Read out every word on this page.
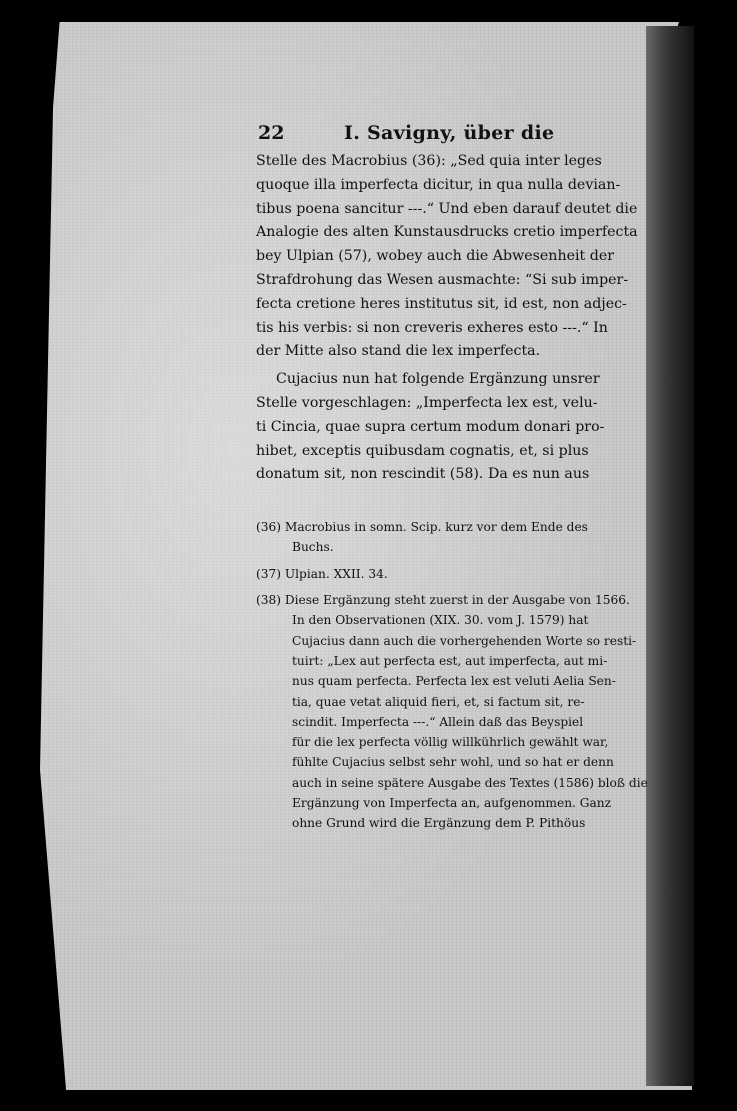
22	I. Savigny, über die
Stelle des Macrobius (36): „Sed quia inter leges
quoque illa imperfecta dicitur, in qua nulla devian-
tibus poena sancitur ---.“ Und eben darauf deutet die
Analogie des alten Kunstausdrucks cretio imperfecta
bey Ulpian (57), wobey auch die Abwesenheit der
Strafdrohung das Wesen ausmachte: “Si sub imper-
fecta cretione heres institutus sit, id est, non adjec-
tis his verbis: si non creveris exheres esto ---.“ In
der Mitte also stand die lex imperfecta.
Cujacius nun hat folgende Ergänzung unsrer
Stelle vorgeschlagen: „Imperfecta lex est, velu-
ti Cincia, quae supra certum modum donari pro-
hibet, exceptis quibusdam cognatis, et, si plus
donatum sit, non rescindit (58). Da es nun aus
(36) Macrobius in somn. Scip. kurz vor dem Ende des
Buchs.
(37) Ulpian. XXII. 34.
(38) Diese Ergänzung steht zuerst in der Ausgabe von 1566.
In den Observationen (XIX. 30. vom J. 1579) hat
Cujacius dann auch die vorhergehenden Worte so resti-
tuirt: „Lex aut perfecta est, aut imperfecta, aut mi-
nus quam perfecta. Perfecta lex est veluti Aelia Sen-
tia, quae vetat aliquid fieri, et, si factum sit, re-
scindit. Imperfecta ---.“ Allein daß das Beyspiel
für die lex perfecta völlig willkührlich gewählt war,
fühlte Cujacius selbst sehr wohl, und so hat er denn
auch in seine spätere Ausgabe des Textes (1586) bloß die
Ergänzung von Imperfecta an, aufgenommen. Ganz
ohne Grund wird die Ergänzung dem P. Pithöus
